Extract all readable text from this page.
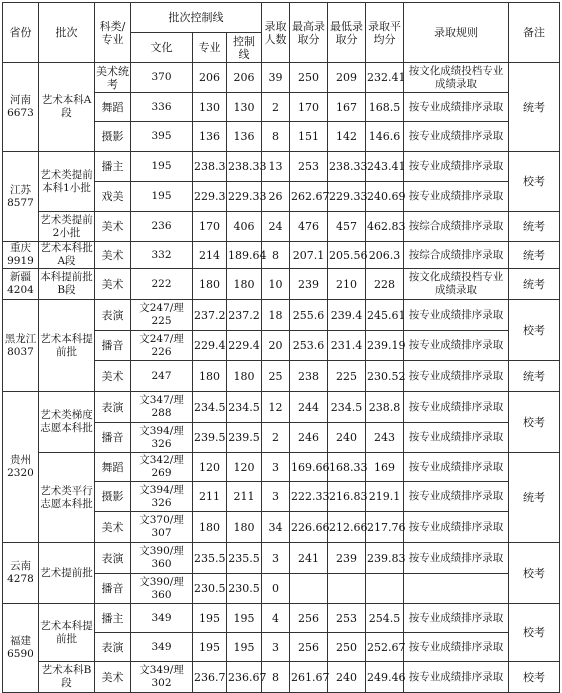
省份	批次	科类/专业	批次控制线			录取人数	最高录取分	最低录取分	录取平均分	录取规则	备注
			文化	专业	控制线						
河南6673	艺术本科A段	美术统考	370	206	206	39	250	209	232.41	按文化成绩投档专业成绩录取	统考
		舞蹈	336	130	130	2	170	167	168.5	按专业成绩排序录取	
		摄影	395	136	136	8	151	142	146.6	按专业成绩排序录取	
江苏8577	艺术类提前本科1小批	播主	195	238.3	238.33	13	253	238.33	243.41	按专业成绩排序录取	校考
		戏美	195	229.3	229.33	26	262.67	229.33	240.69	按专业成绩排序录取	
	艺术类提前2小批	美术	236	170	406	24	476	457	462.83	按综合成绩排序录取	统考
重庆9919	艺术本科批A段	美术	332	214	189.64	8	207.1	205.56	206.3	按综合成绩排序录取	统考
新疆4204	本科提前批B段	美术	222	180	180	10	239	210	228	按文化成绩投档专业成绩录取	统考
黑龙江8037	艺术本科提前批	表演	文247/理225	237.2	237.2	18	255.6	239.4	245.61	按专业成绩排序录取	校考
		播音	文247/理226	229.4	229.4	20	253.6	231.4	239.19	按专业成绩排序录取	
		美术	247	180	180	25	238	225	230.52	按专业成绩排序录取	统考
贵州2320	艺术类梯度志愿本科批	表演	文347/理288	234.5	234.5	12	244	234.5	238.8	按专业成绩排序录取	校考
		播音	文394/理326	239.5	239.5	2	246	240	243	按专业成绩排序录取	
	艺术类平行志愿本科批	舞蹈	文342/理269	120	120	3	169.66	168.33	169	按专业成绩排序录取	统考
		摄影	文394/理326	211	211	3	222.33	216.83	219.1	按专业成绩排序录取	
		美术	文370/理307	180	180	34	226.66	212.66	217.76	按专业成绩排序录取	
云南4278	艺术提前批	表演	文390/理360	235.5	235.5	3	241	239	239.83	按专业成绩排序录取	校考
		播音	文390/理360	230.5	230.5	0					
福建6590	艺术本科提前批	播主	349	195	195	4	256	253	254.5	按专业成绩排序录取	校考
		表演	349	195	195	3	256	250	252.67	按专业成绩排序录取	
	艺术本科B段	美术	文349/理302	236.7	236.67	8	261.67	240	249.46	按专业成绩排序录取	校考
